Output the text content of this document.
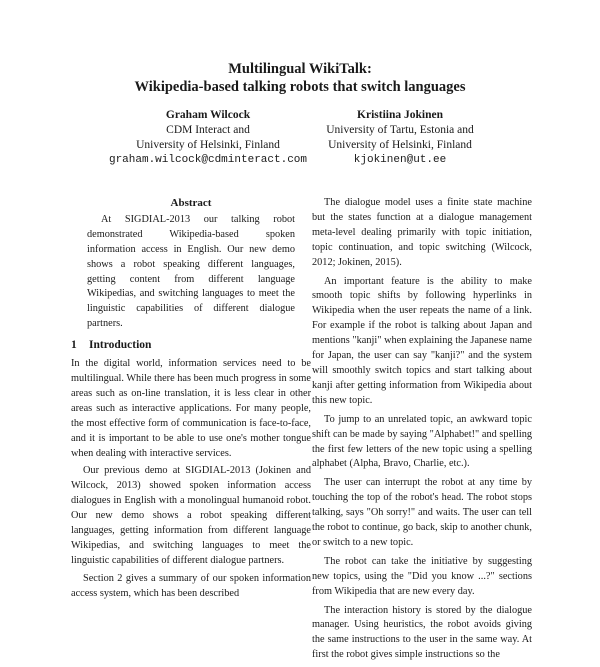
Multilingual WikiTalk:
Wikipedia-based talking robots that switch languages
Graham Wilcock
CDM Interact and
University of Helsinki, Finland
graham.wilcock@cdminteract.com
Kristiina Jokinen
University of Tartu, Estonia and
University of Helsinki, Finland
kjokinen@ut.ee
Abstract

At SIGDIAL-2013 our talking robot demonstrated Wikipedia-based spoken information access in English. Our new demo shows a robot speaking different languages, getting content from different language Wikipedias, and switching languages to meet the linguistic capabilities of different dialogue partners.

1 Introduction

In the digital world, information services need to be multilingual. While there has been much progress in some areas such as on-line translation, it is less clear in other areas such as interactive applications. For many people, the most effective form of communication is face-to-face, and it is important to be able to use one's mother tongue when dealing with interactive services.

Our previous demo at SIGDIAL-2013 (Jokinen and Wilcock, 2013) showed spoken information access dialogues in English with a monolingual humanoid robot. Our new demo shows a robot speaking different languages, getting information from different language Wikipedias, and switching languages to meet the linguistic capabilities of different dialogue partners.

Section 2 gives a summary of our spoken information access system, which has been described

The dialogue model uses a finite state machine but the states function at a dialogue management meta-level dealing primarily with topic initiation, topic continuation, and topic switching (Wilcock, 2012; Jokinen, 2015).

An important feature is the ability to make smooth topic shifts by following hyperlinks in Wikipedia when the user repeats the name of a link. For example if the robot is talking about Japan and mentions "kanji" when explaining the Japanese name for Japan, the user can say "kanji?" and the system will smoothly switch topics and start talking about kanji after getting information from Wikipedia about this new topic.

To jump to an unrelated topic, an awkward topic shift can be made by saying "Alphabet!" and spelling the first few letters of the new topic using a spelling alphabet (Alpha, Bravo, Charlie, etc.).

The user can interrupt the robot at any time by touching the top of the robot's head. The robot stops talking, says "Oh sorry!" and waits. The user can tell the robot to continue, go back, skip to another chunk, or switch to a new topic.

The robot can take the initiative by suggesting new topics, using the "Did you know ...?" sections from Wikipedia that are new every day.

The interaction history is stored by the dialogue manager. Using heuristics, the robot avoids giving the same instructions to the user in the same way. At first the robot gives simple instructions so the
